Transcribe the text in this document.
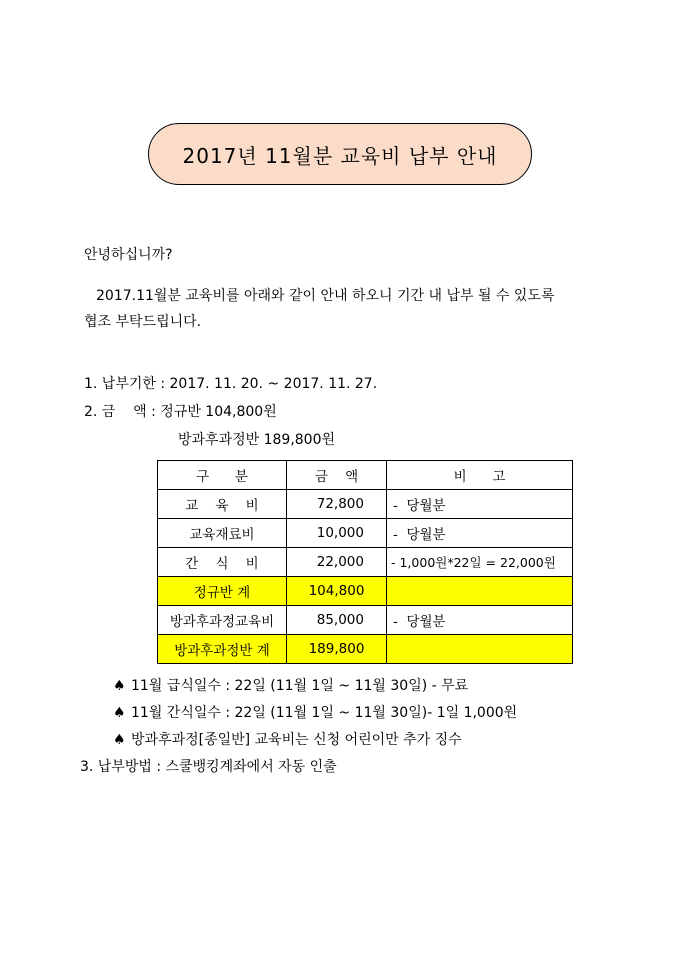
2017년 11월분 교육비 납부 안내
안녕하십니까?
2017.11월분 교육비를 아래와 같이 안내 하오니 기간 내 납부 될 수 있도록
협조 부탁드립니다.
1. 납부기한 : 2017. 11. 20. ~ 2017. 11. 27.
2. 금    액 : 정규반 104,800원
방과후과정반 189,800원
구      분	금    액	비      고
교    육    비	72,800	-  당월분
교육재료비	10,000	-  당월분
간    식    비	22,000	- 1,000원*22일 = 22,000원
정규반 계	104,800	
방과후과정교육비	85,000	-  당월분
방과후과정반 계	189,800	
♠ 11월 급식일수 : 22일 (11월 1일 ~ 11월 30일) - 무료
♠ 11월 간식일수 : 22일 (11월 1일 ~ 11월 30일)- 1일 1,000원
♠ 방과후과정[종일반] 교육비는 신청 어린이만 추가 징수
3. 납부방법 : 스쿨뱅킹계좌에서 자동 인출
